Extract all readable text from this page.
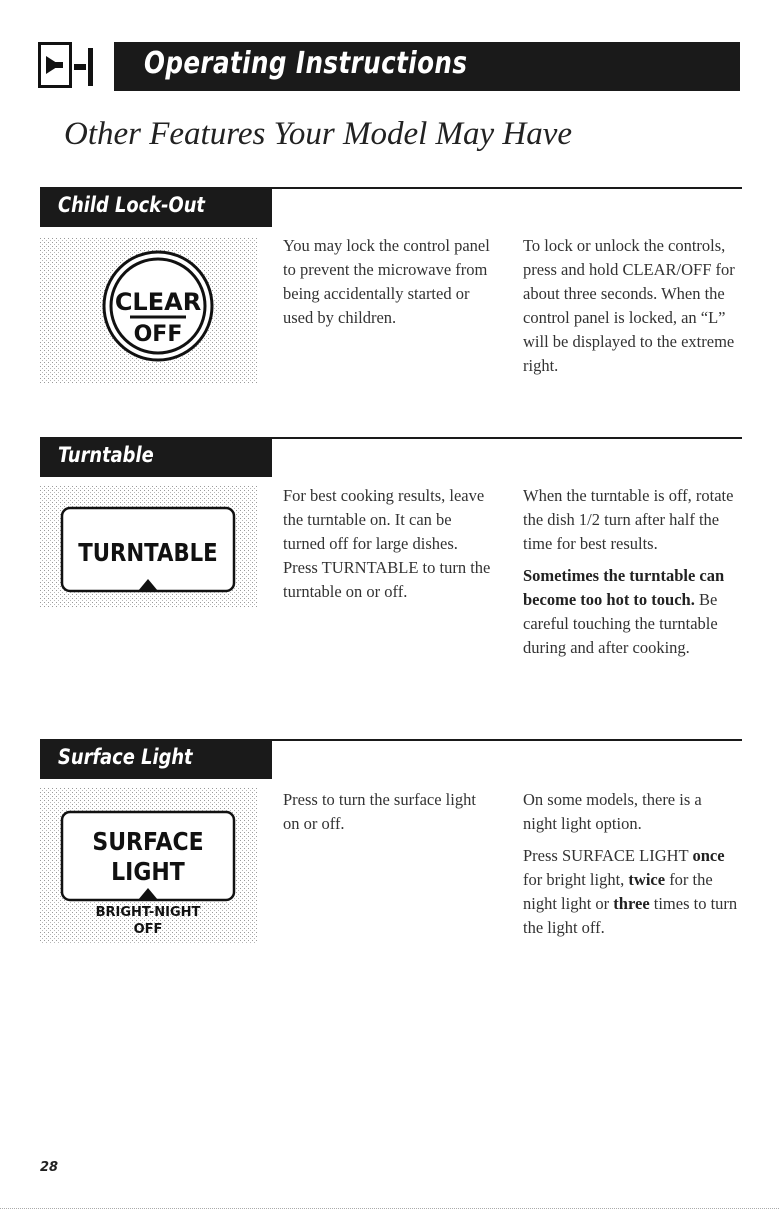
Operating Instructions
Other Features Your Model May Have
Child Lock-Out
CLEAR
OFF

You may lock the control panel to prevent the microwave from being accidentally started or used by children.

To lock or unlock the controls, press and hold CLEAR/OFF for about three seconds. When the control panel is locked, an “L” will be displayed to the extreme right.

Turntable
TURNTABLE

For best cooking results, leave the turntable on. It can be turned off for large dishes. Press TURNTABLE to turn the turntable on or off.

When the turntable is off, rotate the dish 1/2 turn after half the time for best results.

Sometimes the turntable can become too hot to touch. Be careful touching the turntable during and after cooking.

Surface Light
SURFACE
LIGHT
BRIGHT-NIGHT
OFF

Press to turn the surface light on or off.

On some models, there is a night light option.

Press SURFACE LIGHT once for bright light, twice for the night light or three times to turn the light off.

28
